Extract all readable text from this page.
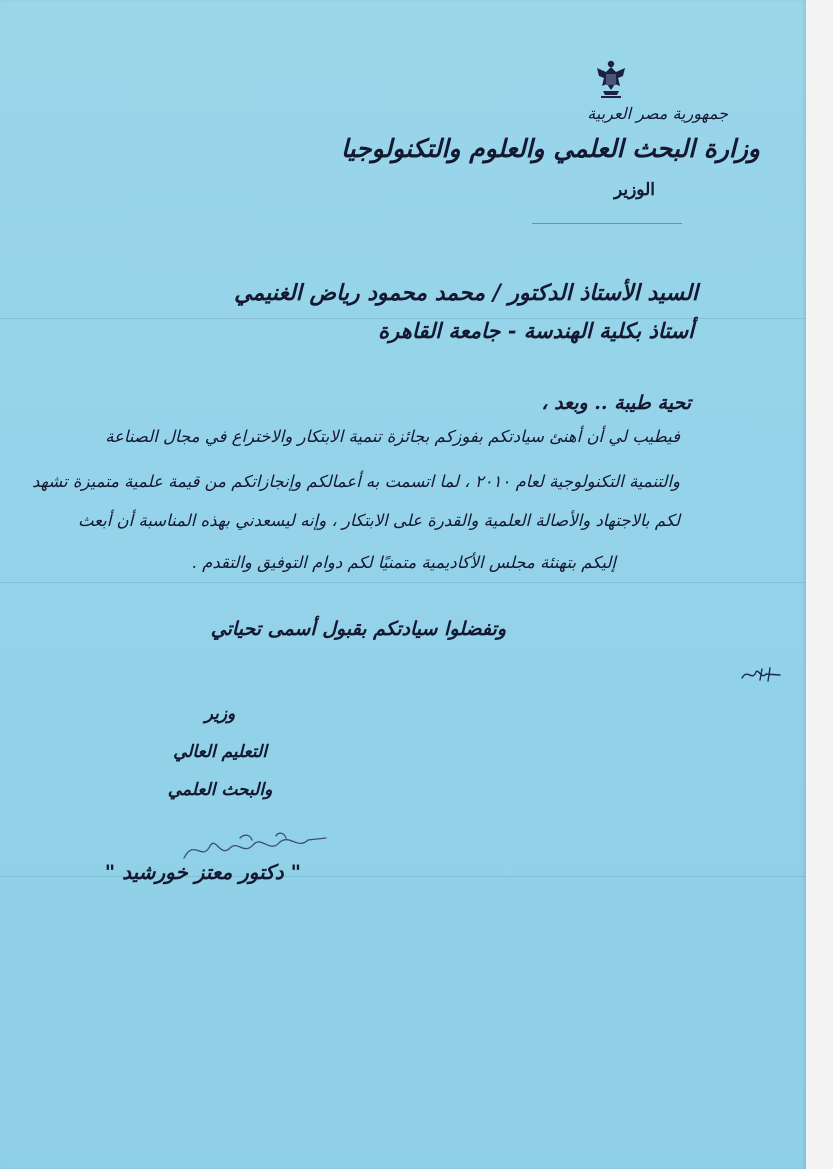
جمهورية مصر العربية
وزارة البحث العلمي والعلوم والتكنولوجيا
الوزير
السيد الأستاذ الدكتور / محمد محمود رياض الغنيمي
أستاذ بكلية الهندسة - جامعة القاهرة
تحية طيبة .. وبعد ،
فيطيب لي أن أهنئ سيادتكم بفوزكم بجائزة تنمية الابتكار والاختراع في مجال الصناعة
والتنمية التكنولوجية لعام ٢٠١٠ ، لما اتسمت به أعمالكم وإنجازاتكم من قيمة علمية متميزة تشهد
لكم بالاجتهاد والأصالة العلمية والقدرة على الابتكار ، وإنه ليسعدني بهذه المناسبة أن أبعث
إليكم بتهنئة مجلس الأكاديمية متمنيًا لكم دوام التوفيق والتقدم .
وتفضلوا سيادتكم بقبول أسمى تحياتي
وزير
التعليم العالي
والبحث العلمي
" دكتور معتز خورشيد "
